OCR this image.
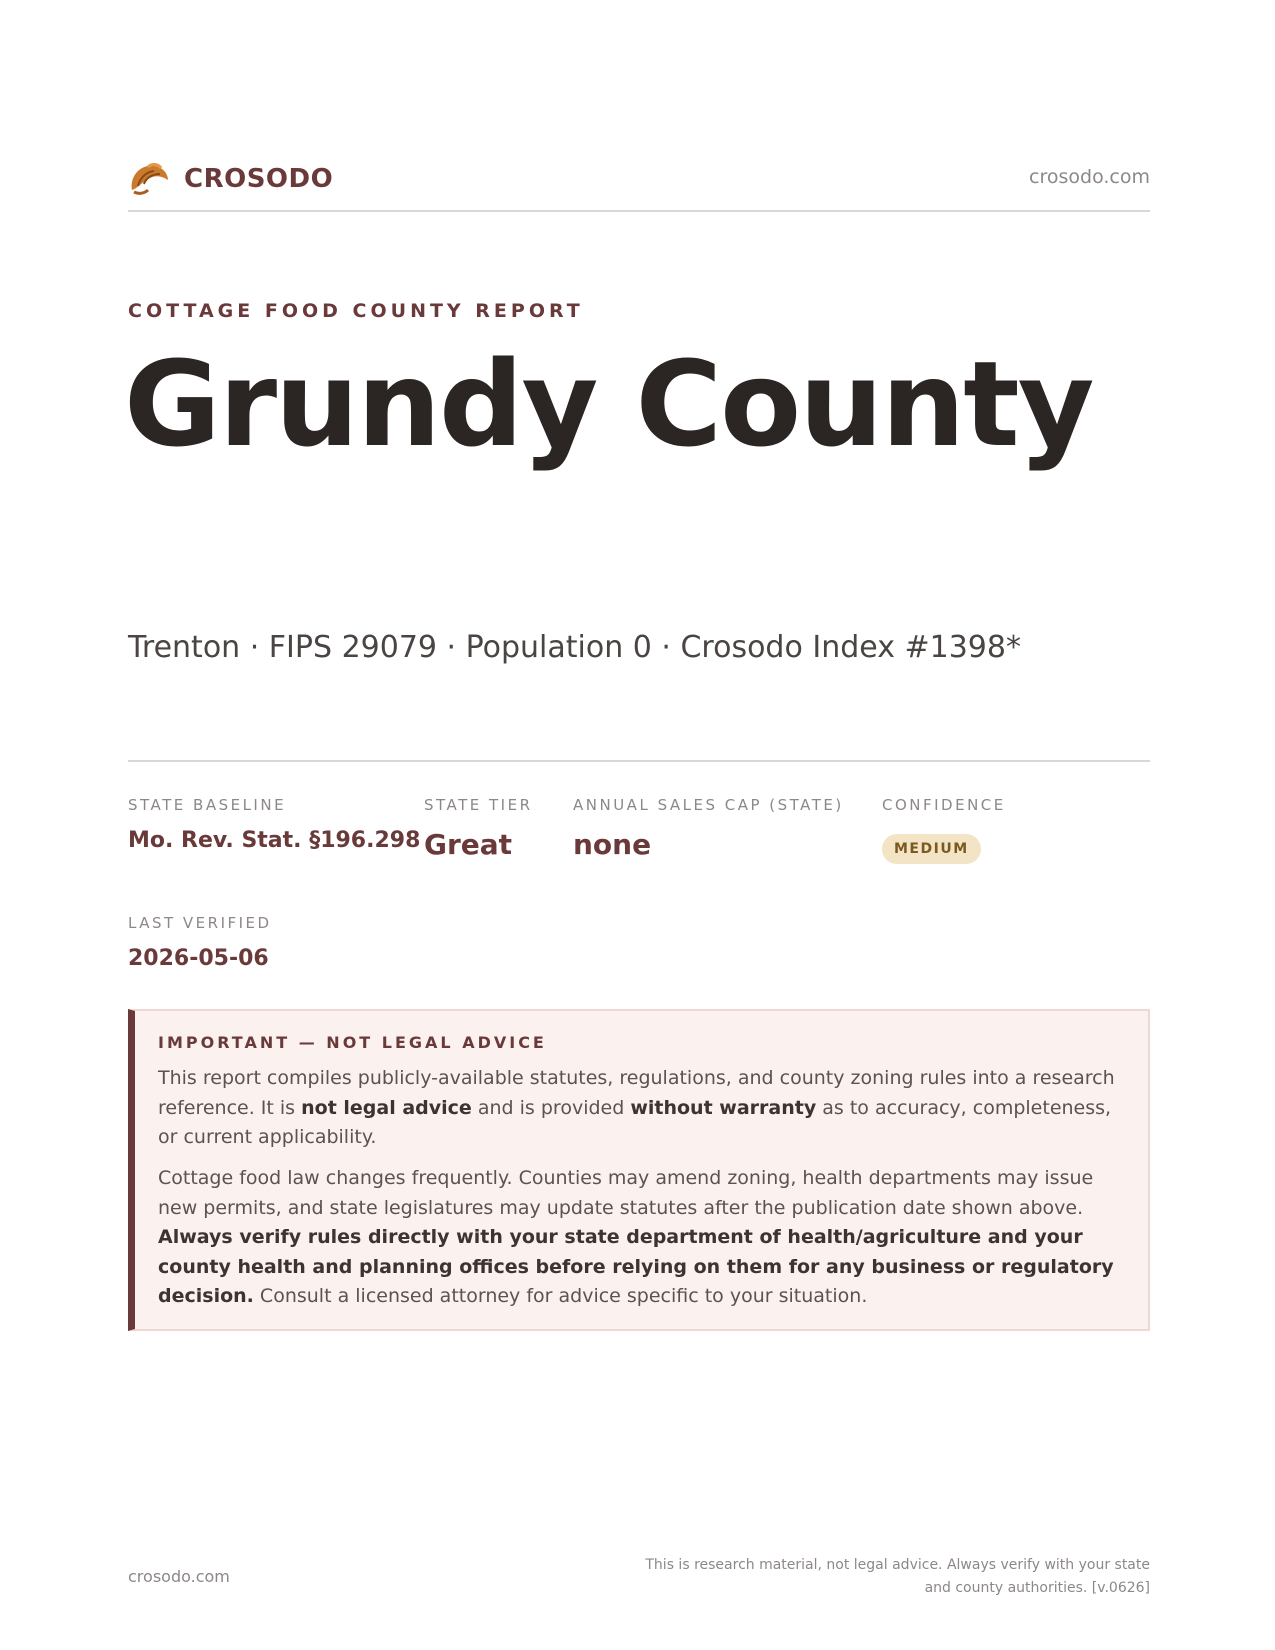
CROSODO	crosodo.com
COTTAGE FOOD COUNTY REPORT
Grundy County
Trenton · FIPS 29079 · Population 0 · Crosodo Index #1398*
STATE BASELINE
Mo. Rev. Stat. §196.298
STATE TIER
Great
ANNUAL SALES CAP (STATE)
none
CONFIDENCE
MEDIUM
LAST VERIFIED
2026-05-06
IMPORTANT — NOT LEGAL ADVICE

This report compiles publicly-available statutes, regulations, and county zoning rules into a research reference. It is not legal advice and is provided without warranty as to accuracy, completeness, or current applicability.

Cottage food law changes frequently. Counties may amend zoning, health departments may issue new permits, and state legislatures may update statutes after the publication date shown above. Always verify rules directly with your state department of health/agriculture and your county health and planning offices before relying on them for any business or regulatory decision. Consult a licensed attorney for advice specific to your situation.

crosodo.com
This is research material, not legal advice. Always verify with your state
and county authorities. [v.0626]
